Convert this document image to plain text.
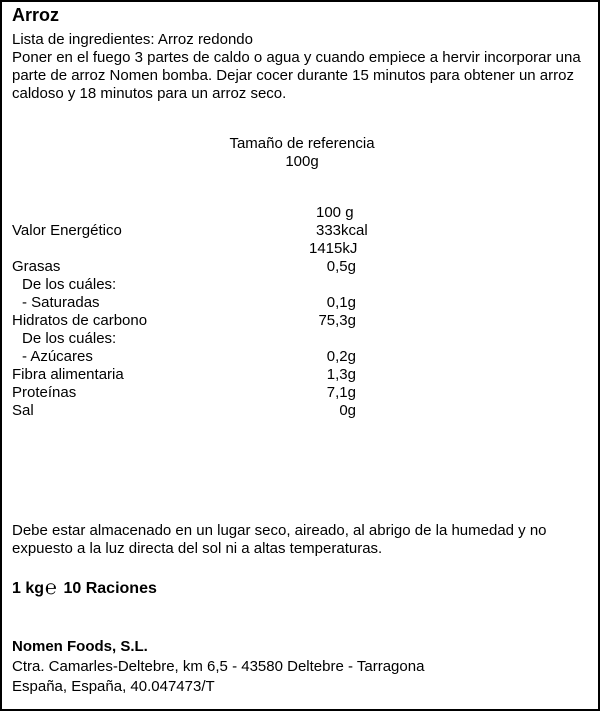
Arroz
Lista de ingredientes: Arroz redondo
Poner en el fuego 3 partes de caldo o agua y cuando empiece a hervir incorporar una parte de arroz Nomen bomba. Dejar cocer durante 15 minutos para obtener un arroz caldoso y 18 minutos para un arroz seco.
Tamaño de referencia
100g
100 g
Valor Energético	333kcal
1415kJ
Grasas	0,5g
De los cuáles:
- Saturadas	0,1g
Hidratos de carbono	75,3g
De los cuáles:
- Azúcares	0,2g
Fibra alimentaria	1,3g
Proteínas	7,1g
Sal	0g
Debe estar almacenado en un lugar seco, aireado, al abrigo de la humedad y no expuesto a la luz directa del sol ni a altas temperaturas.
1 kg℮ 10 Raciones
Nomen Foods, S.L.
Ctra. Camarles-Deltebre, km 6,5 - 43580 Deltebre - Tarragona
España, España, 40.047473/T
